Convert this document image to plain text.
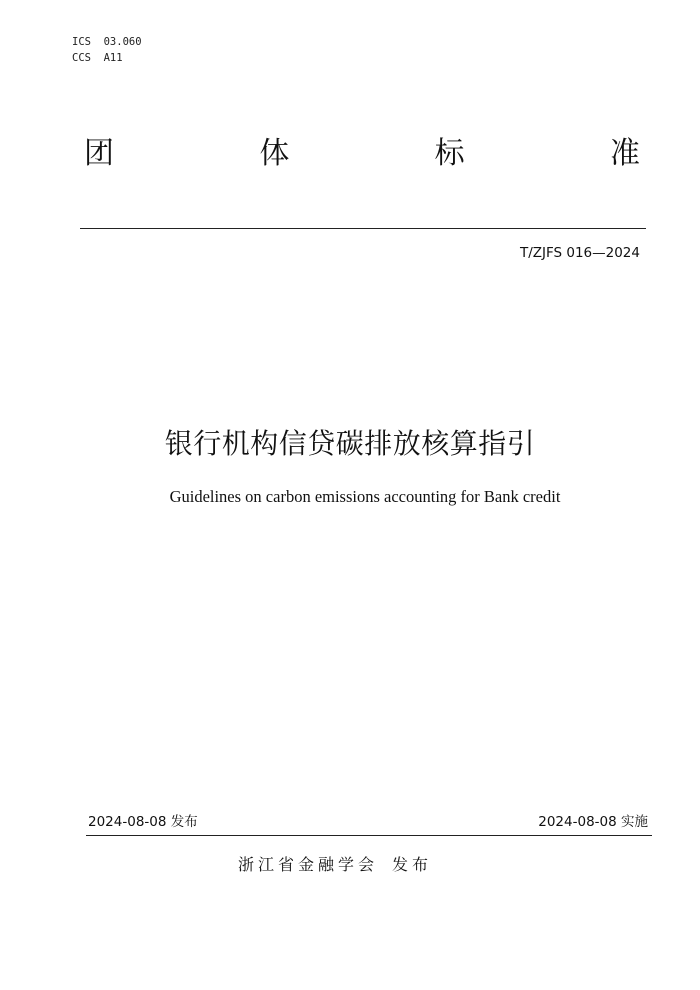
ICS  03.060
CCS  A11
团	体	标	准
T/ZJFS 016—2024
银行机构信贷碳排放核算指引
Guidelines on carbon emissions accounting for Bank credit
2024-08-08 发布	2024-08-08 实施
浙江省金融学会 发布
